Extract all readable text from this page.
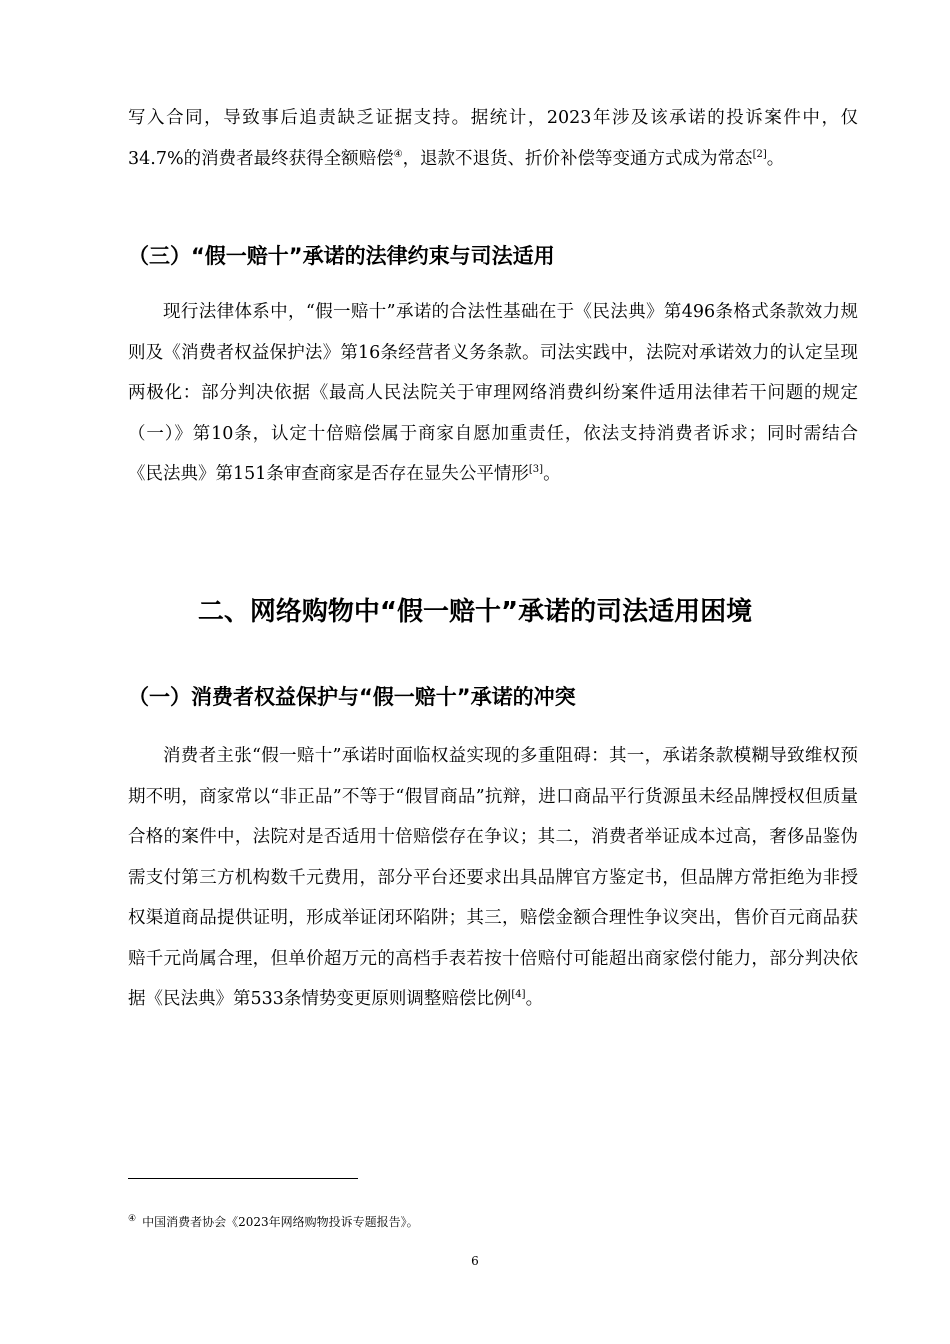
写入合同，导致事后追责缺乏证据支持。据统计，2023年涉及该承诺的投诉案件中，仅34.7%的消费者最终获得全额赔偿④，退款不退货、折价补偿等变通方式成为常态[2]。

（三）“假一赔十”承诺的法律约束与司法适用

现行法律体系中，“假一赔十”承诺的合法性基础在于《民法典》第496条格式条款效力规则及《消费者权益保护法》第16条经营者义务条款。司法实践中，法院对承诺效力的认定呈现两极化：部分判决依据《最高人民法院关于审理网络消费纠纷案件适用法律若干问题的规定（一）》第10条，认定十倍赔偿属于商家自愿加重责任，依法支持消费者诉求；同时需结合《民法典》第151条审查商家是否存在显失公平情形[3]。

二、网络购物中“假一赔十”承诺的司法适用困境
（一）消费者权益保护与“假一赔十”承诺的冲突

消费者主张“假一赔十”承诺时面临权益实现的多重阻碍：其一，承诺条款模糊导致维权预期不明，商家常以“非正品”不等于“假冒商品”抗辩，进口商品平行货源虽未经品牌授权但质量合格的案件中，法院对是否适用十倍赔偿存在争议；其二，消费者举证成本过高，奢侈品鉴伪需支付第三方机构数千元费用，部分平台还要求出具品牌官方鉴定书，但品牌方常拒绝为非授权渠道商品提供证明，形成举证闭环陷阱；其三，赔偿金额合理性争议突出，售价百元商品获赔千元尚属合理，但单价超万元的高档手表若按十倍赔付可能超出商家偿付能力，部分判决依据《民法典》第533条情势变更原则调整赔偿比例[4]。

④ 中国消费者协会《2023年网络购物投诉专题报告》。

6
